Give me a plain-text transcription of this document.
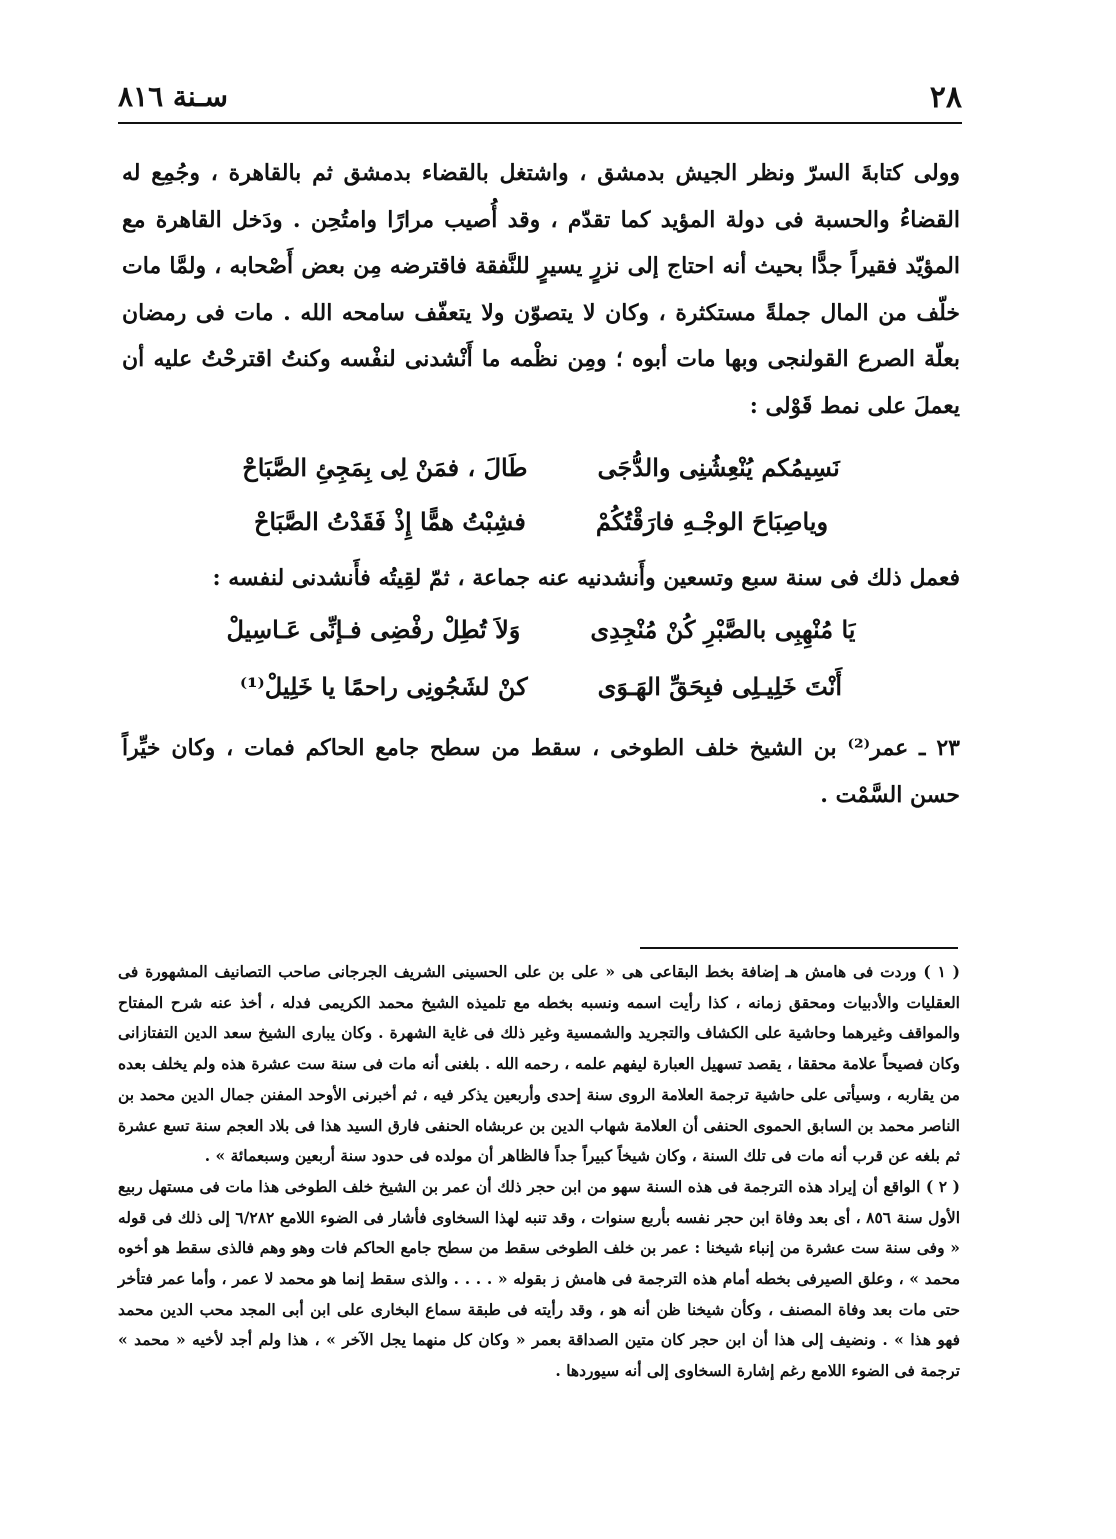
٢٨
سـنة ٨١٦

وولى كتابةَ السرّ ونظر الجيش بدمشق ، واشتغل بالقضاء بدمشق ثم بالقاهرة ، وجُمِع له القضاءُ والحسبة فى دولة المؤيد كما تقدّم ، وقد أُصيب مرارًا وامتُحِن . ودَخل القاهرة مع المؤيّد فقيراً جدًّا بحيث أنه احتاج إلى نزرٍ يسيرٍ للنَّفقة فاقترضه مِن بعض أَصْحابه ، ولمَّا مات خلّف من المال جملةً مستكثرة ، وكان لا يتصوّن ولا يتعفّف سامحه الله . مات فى رمضان بعلّة الصرع القولنجى وبها مات أبوه ؛ ومِن نظْمه ما أَنْشدنى لنفْسه وكنتُ اقترحْتُ عليه أن يعملَ على نمط قَوْلى :

نَسِيمُكم يُنْعِشُنِى والدُّجَى
طَالَ ، فمَنْ لِى بِمَجِئِ الصَّبَاحْ
وياصِبَاحَ الوجْـهِ فارَقْتُكُمْ
فشِبْتُ همًّا إِذْ فَقَدْتُ الصَّبَاحْ

فعمل ذلك فى سنة سبع وتسعين وأَنشدنيه عنه جماعة ، ثمّ لقِيتُه فأَنشدنى لنفسه :

يَا مُنْهِبِى بالصَّبْرِ كُنْ مُنْجِدِى
وَلاَ تُطِلْ رفْضِى فـإنِّى عَـاسِيلْ
أَنْتَ خَلِيـلِى فبِحَقِّ الهَـوَى
كنْ لشَجُونِى راحمًا يا خَلِيلْ⁽¹⁾

٢٣ ـ عمر⁽²⁾ بن الشيخ خلف الطوخى ، سقط من سطح جامع الحاكم فمات ، وكان خيِّراً حسن السَّمْت .

( ١ ) وردت فى هامش هـ إضافة بخط البقاعى هى « على بن على الحسينى الشريف الجرجانى صاحب التصانيف المشهورة فى العقليات والأدبيات ومحقق زمانه ، كذا رأيت اسمه ونسبه بخطه مع تلميذه الشيخ محمد الكريمى فدله ، أخذ عنه شرح المفتاح والمواقف وغيرهما وحاشية على الكشاف والتجريد والشمسية وغير ذلك فى غاية الشهرة . وكان يبارى الشيخ سعد الدين التفتازانى وكان فصيحاً علامة محققا ، يقصد تسهيل العبارة ليفهم علمه ، رحمه الله . بلغنى أنه مات فى سنة ست عشرة هذه ولم يخلف بعده من يقاربه ، وسيأتى على حاشية ترجمة العلامة الروى سنة إحدى وأربعين يذكر فيه ، ثم أخبرنى الأوحد المفنن جمال الدين محمد بن الناصر محمد بن السابق الحموى الحنفى أن العلامة شهاب الدين بن عربشاه الحنفى فارق السيد هذا فى بلاد العجم سنة تسع عشرة ثم بلغه عن قرب أنه مات فى تلك السنة ، وكان شيخاً كبيراً جداً فالظاهر أن مولده فى حدود سنة أربعين وسبعمائة » .

( ٢ ) الواقع أن إيراد هذه الترجمة فى هذه السنة سهو من ابن حجر ذلك أن عمر بن الشيخ خلف الطوخى هذا مات فى مستهل ربيع الأول سنة ٨٥٦ ، أى بعد وفاة ابن حجر نفسه بأربع سنوات ، وقد تنبه لهذا السخاوى فأشار فى الضوء اللامع ٦/٢٨٢ إلى ذلك فى قوله « وفى سنة ست عشرة من إنباء شيخنا : عمر بن خلف الطوخى سقط من سطح جامع الحاكم فات وهو وهم فالذى سقط هو أخوه محمد » ، وعلق الصيرفى بخطه أمام هذه الترجمة فى هامش ز بقوله « . . . . والذى سقط إنما هو محمد لا عمر ، وأما عمر فتأخر حتى مات بعد وفاة المصنف ، وكأن شيخنا ظن أنه هو ، وقد رأيته فى طبقة سماع البخارى على ابن أبى المجد محب الدين محمد فهو هذا » . ونضيف إلى هذا أن ابن حجر كان متين الصداقة بعمر « وكان كل منهما يجل الآخر » ، هذا ولم أجد لأخيه « محمد » ترجمة فى الضوء اللامع رغم إشارة السخاوى إلى أنه سيوردها .
